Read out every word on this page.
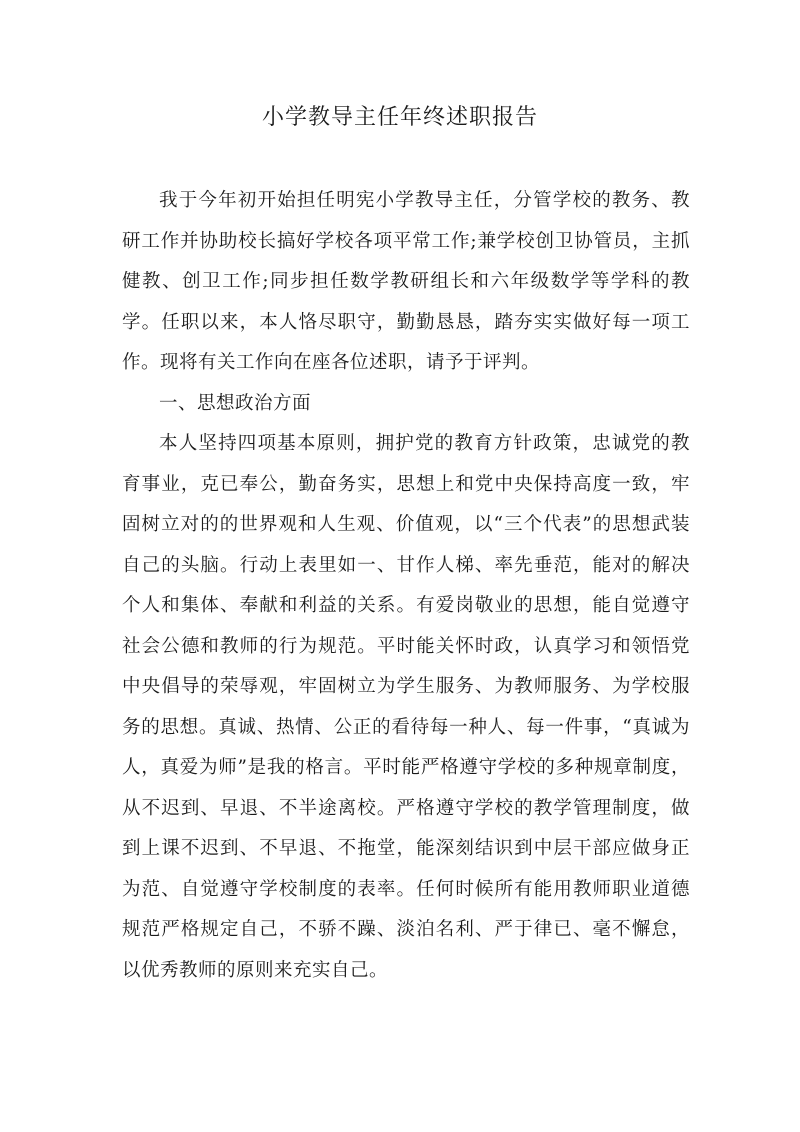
小学教导主任年终述职报告

我于今年初开始担任明宪小学教导主任，分管学校的教务、教研工作并协助校长搞好学校各项平常工作;兼学校创卫协管员，主抓健教、创卫工作;同步担任数学教研组长和六年级数学等学科的教学。任职以来，本人恪尽职守，勤勤恳恳，踏夯实实做好每一项工作。现将有关工作向在座各位述职，请予于评判。

一、思想政治方面

本人坚持四项基本原则，拥护党的教育方针政策，忠诚党的教育事业，克已奉公，勤奋务实，思想上和党中央保持高度一致，牢固树立对的的世界观和人生观、价值观，以“三个代表”的思想武装自己的头脑。行动上表里如一、甘作人梯、率先垂范，能对的解决个人和集体、奉献和利益的关系。有爱岗敬业的思想，能自觉遵守社会公德和教师的行为规范。平时能关怀时政，认真学习和领悟党中央倡导的荣辱观，牢固树立为学生服务、为教师服务、为学校服务的思想。真诚、热情、公正的看待每一种人、每一件事，“真诚为人，真爱为师”是我的格言。平时能严格遵守学校的多种规章制度，从不迟到、早退、不半途离校。严格遵守学校的教学管理制度，做到上课不迟到、不早退、不拖堂，能深刻结识到中层干部应做身正为范、自觉遵守学校制度的表率。任何时候所有能用教师职业道德规范严格规定自己，不骄不躁、淡泊名利、严于律已、毫不懈怠，以优秀教师的原则来充实自己。
